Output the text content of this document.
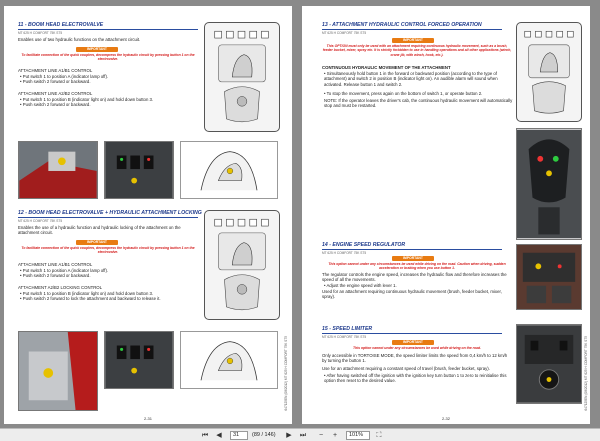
11 - BOOM HEAD ELECTROVALVE
MT 625 H COMFORT 75K ST5
Enables use of two hydraulic functions on the attachment circuit.
IMPORTANT
To facilitate connection of the quick couplers, decompress the hydraulic circuit by pressing button 1 on the electrovalve.
ATTACHMENT LINE A1/B1 CONTROL
• Put switch 1 to position A (indicator lamp off).
• Push switch 2 forward or backward.
ATTACHMENT LINE A2/B2 CONTROL
• Put switch 1 to position B (indicator light on) and hold down button 3.
• Push switch 2 forward or backward.
12 - BOOM HEAD ELECTROVALVE + HYDRAULIC ATTACHMENT LOCKING
MT 625 H COMFORT 75K ST5
Enables the use of a hydraulic function and hydraulic locking of the attachment on the attachment circuit.
IMPORTANT
To facilitate connection of the quick couplers, decompress the hydraulic circuit by pressing button 1 on the electrovalve.
ATTACHMENT LINE A1/B1 CONTROL
• Put switch 1 to position A (indicator lamp off).
• Push switch 2 forward or backward.
ATTACHMENT A2/B2 LOCKING CONTROL
• Put switch 1 to position B (indicator light on) and hold down button 3.
• Push switch 2 forward to lock the attachment and backward to release it.
2-31
647125EN (08/2012) MT 625 H COMFORT 75K ST5
13 - ATTACHMENT HYDRAULIC CONTROL FORCED OPERATION
MT 625 H COMFORT 75K ST5
IMPORTANT
This OPTION must only be used with an attachment requiring continuous hydraulic movement, such as a brush, feeder bucket, mixer, spray etc. It is strictly forbidden to use in handling operations and all other applications (winch, crane jib, with winch, hook, etc.).
CONTINUOUS HYDRAULIC MOVEMENT OF THE ATTACHMENT
• Simultaneously hold button 1 in the forward or backward position (according to the type of attachment) and switch 2 in position B (indicator light on). An audible alarm will sound when activated. Release button 1 and switch 2.
• To stop the movement, press again on the bottom of switch 1, or operate button 2.
NOTE: If the operator leaves the driver's cab, the continuous hydraulic movement will automatically stop and must be restarted.
14 - ENGINE SPEED REGULATOR
MT 625 H COMFORT 75K ST5
IMPORTANT
This option cannot under any circumstances be used while driving on the road. Caution when driving, sudden acceleration or braking when you use button 1.
The regulator controls the engine speed, increases the hydraulic flow and therefore increases the speed of all the movements.
• Adjust the engine speed with lever 1.
Used for an attachment requiring continuous hydraulic movement (brush, feeder bucket, mixer, spray).
15 - SPEED LIMITER
MT 625 H COMFORT 75K ST5
IMPORTANT
This option cannot under any circumstances be used while driving on the road.
Only accessible in TORTOISE MODE, the speed limiter limits the speed from 0,4 km/h to 12 km/h by turning the button 1.
Use for an attachment requiring a constant speed of travel (brush, feeder bucket, spray).
• After having switched off the ignition with the ignition key turn button 1 to zero to reinitialise this option then reset to the desired value.
2-32
647125EN (08/2012) MT 625 H COMFORT 75K ST5
⏮	◀	31	(89 / 146)	▶	⏭	−	+	101%	⛶
